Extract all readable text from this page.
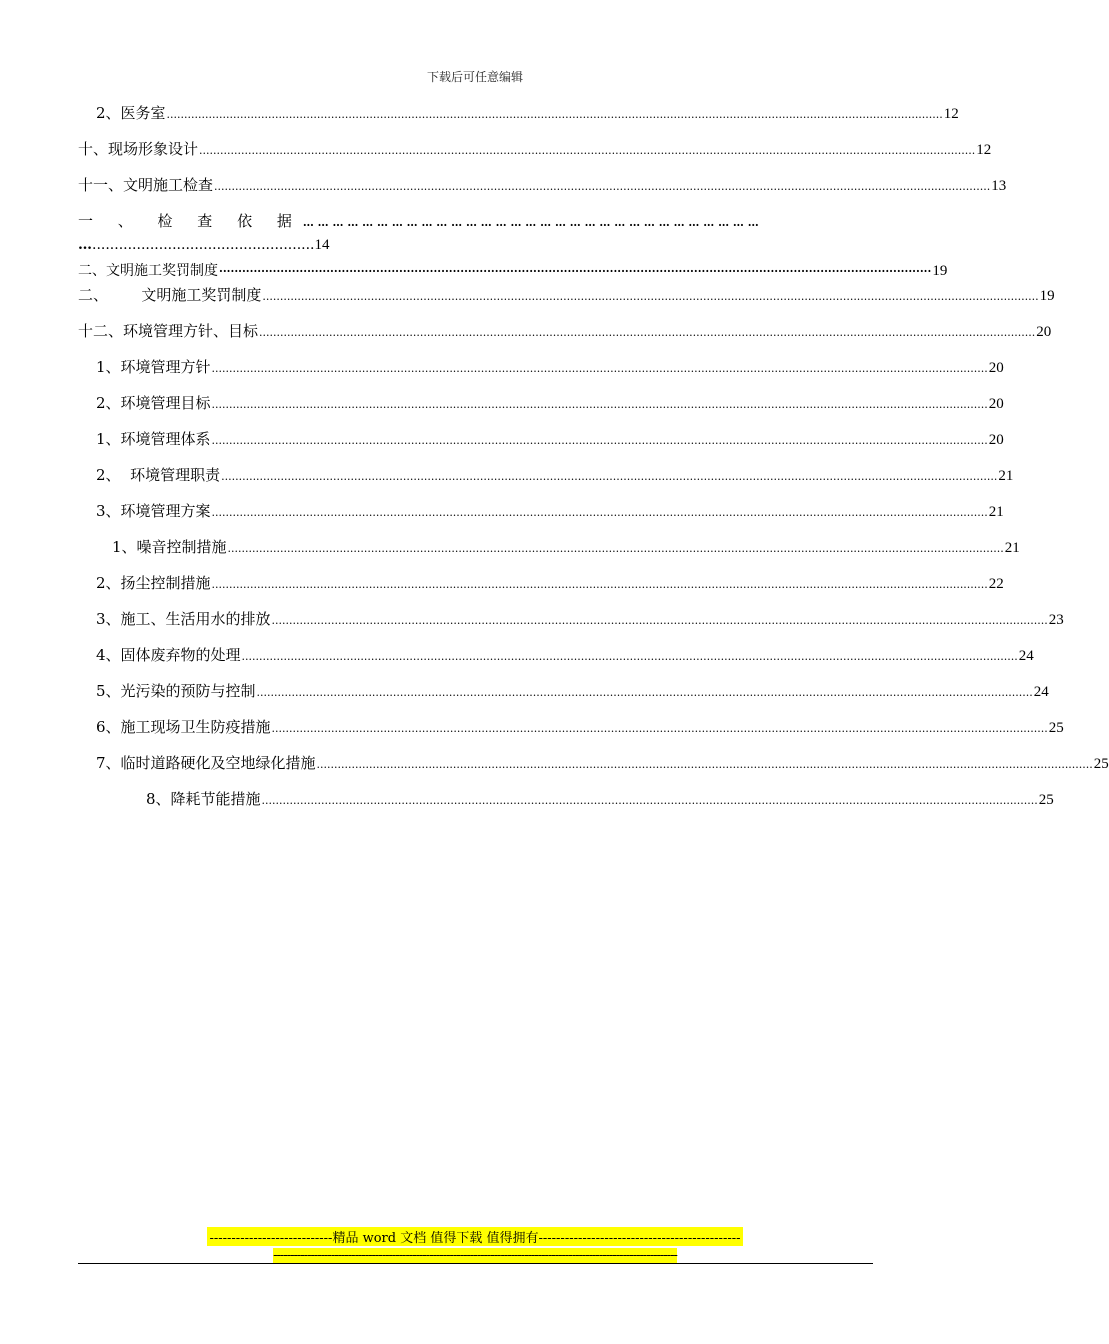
下载后可任意编辑
2、医务室 .............................................................................................................................................................................................................................. 12
十、现场形象设计 .............................................................................................................................................................................................................................. 12
十一、文明施工检查 .............................................................................................................................................................................................................................. 13
一 、 检 查 依 据 … … … … … … … … … … … … … … … … … … … … … … … … … … … … … … …
…..................................................14
二、文明施工奖罚制度 ·························································································································································································· 19
二、       文明施工奖罚制度 .............................................................................................................................................................................................................................. 19
十二、环境管理方针、目标 .............................................................................................................................................................................................................................. 20
1、环境管理方针 .............................................................................................................................................................................................................................. 20
2、环境管理目标 .............................................................................................................................................................................................................................. 20
1、环境管理体系 .............................................................................................................................................................................................................................. 20
2、  环境管理职责 .............................................................................................................................................................................................................................. 21
3、环境管理方案 .............................................................................................................................................................................................................................. 21
1、噪音控制措施 .............................................................................................................................................................................................................................. 21
2、扬尘控制措施 .............................................................................................................................................................................................................................. 22
3、施工、生活用水的排放 .............................................................................................................................................................................................................................. 23
4、固体废弃物的处理 .............................................................................................................................................................................................................................. 24
5、光污染的预防与控制 .............................................................................................................................................................................................................................. 24
6、施工现场卫生防疫措施 .............................................................................................................................................................................................................................. 25
7、临时道路硬化及空地绿化措施 .............................................................................................................................................................................................................................. 25
8、降耗节能措施 .............................................................................................................................................................................................................................. 25
----------------------------精品 word 文档 值得下载 值得拥有----------------------------------------------
-----------------------------------------------------------------------------------------------------------------------
